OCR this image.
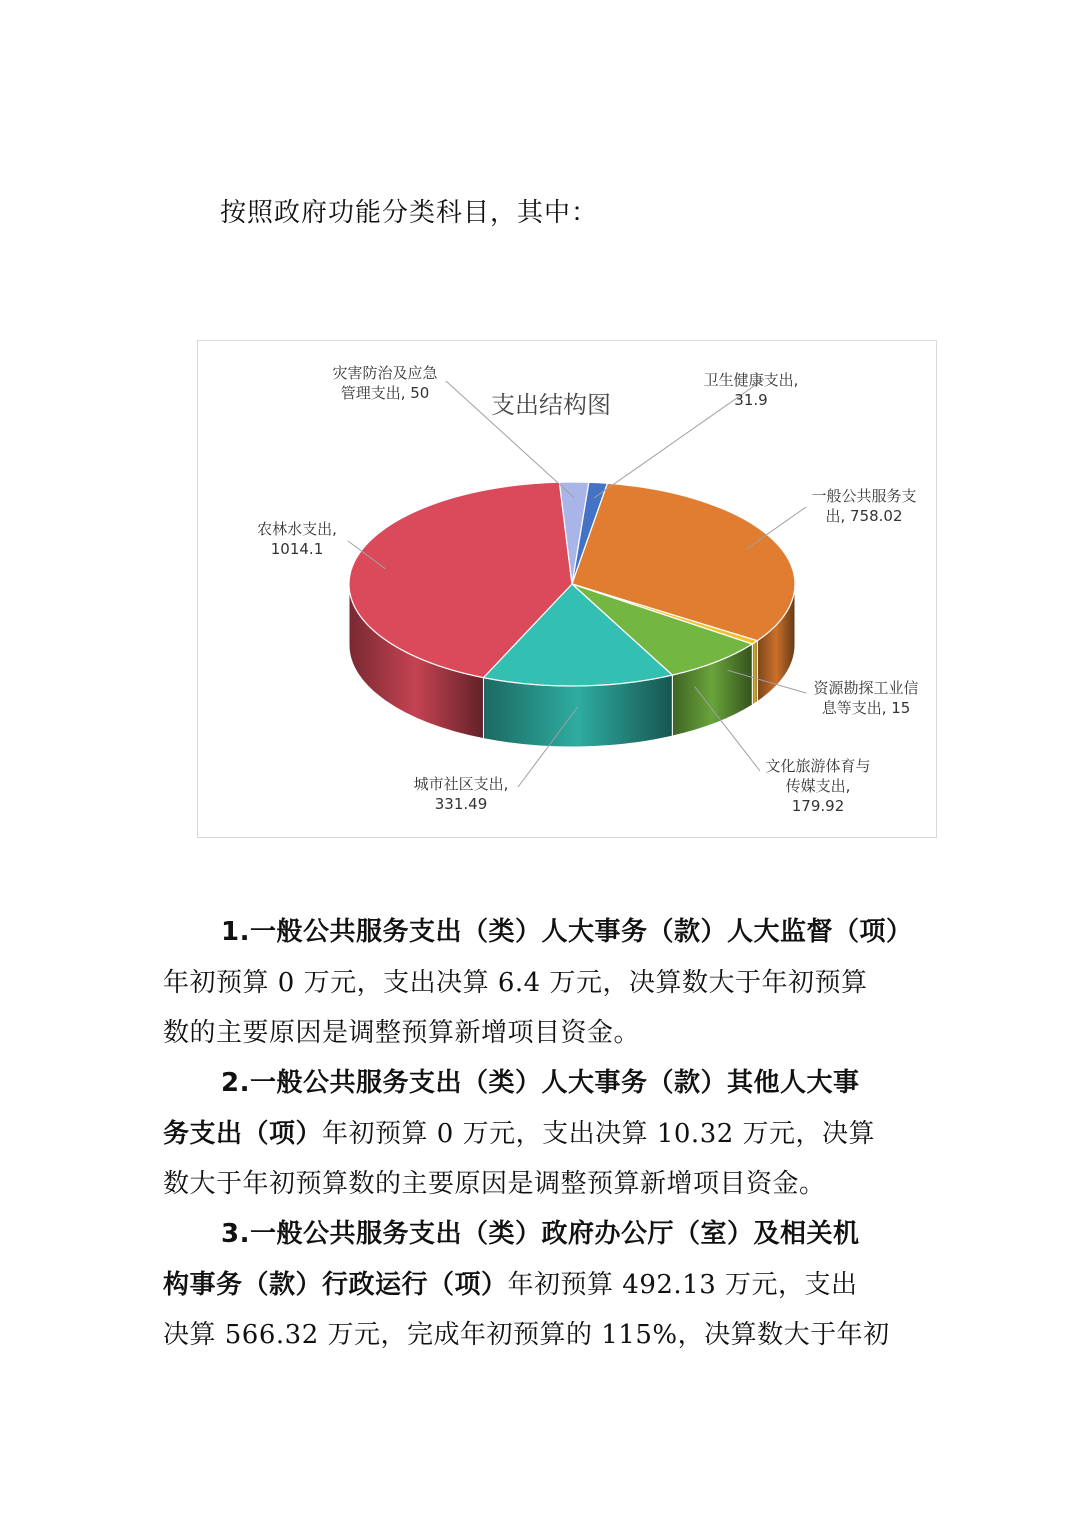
按照政府功能分类科目，其中：
支出结构图
卫生健康支出, 31.9
一般公共服务支出, 758.02
资源勘探工业信息等支出, 15
文化旅游体育与传媒支出, 179.92
城市社区支出, 331.49
农林水支出, 1014.1
灾害防治及应急管理支出, 50
1.一般公共服务支出（类）人大事务（款）人大监督（项）
年初预算 0 万元，支出决算 6.4 万元，决算数大于年初预算
数的主要原因是调整预算新增项目资金。
2.一般公共服务支出（类）人大事务（款）其他人大事
务支出（项）年初预算 0 万元，支出决算 10.32 万元，决算
数大于年初预算数的主要原因是调整预算新增项目资金。
3.一般公共服务支出（类）政府办公厅（室）及相关机
构事务（款）行政运行（项）年初预算 492.13 万元，支出
决算 566.32 万元，完成年初预算的 115%，决算数大于年初
